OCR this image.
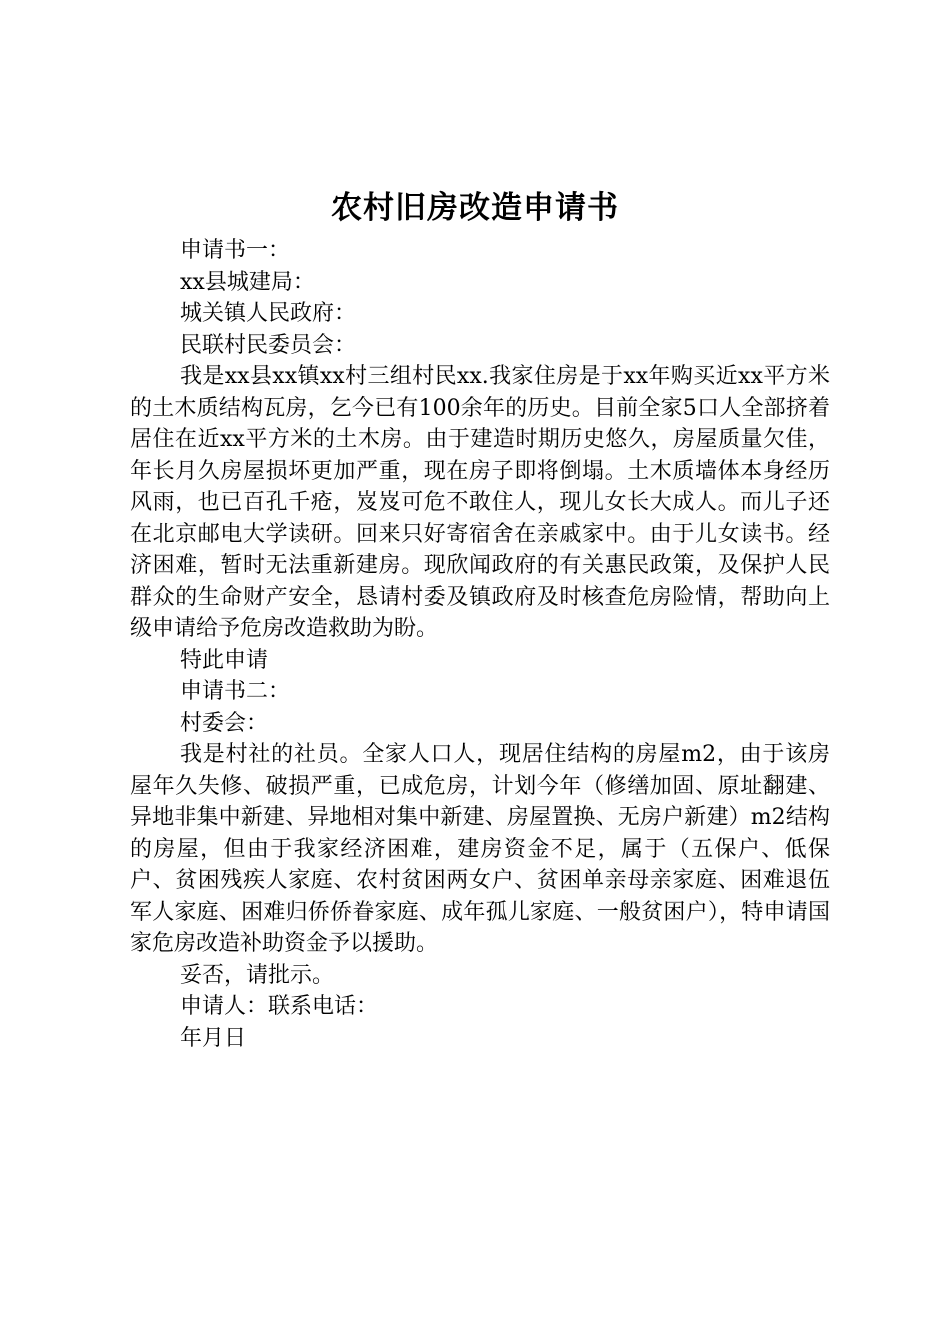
农村旧房改造申请书

申请书一：

xx县城建局：

城关镇人民政府：

民联村民委员会：

我是xx县xx镇xx村三组村民xx.我家住房是于xx年购买近xx平方米的土木质结构瓦房，乞今已有100余年的历史。目前全家5口人全部挤着居住在近xx平方米的土木房。由于建造时期历史悠久，房屋质量欠佳，年长月久房屋损坏更加严重，现在房子即将倒塌。土木质墙体本身经历风雨，也已百孔千疮，岌岌可危不敢住人，现儿女长大成人。而儿子还在北京邮电大学读研。回来只好寄宿舍在亲戚家中。由于儿女读书。经济困难，暂时无法重新建房。现欣闻政府的有关惠民政策，及保护人民群众的生命财产安全，恳请村委及镇政府及时核查危房险情，帮助向上级申请给予危房改造救助为盼。

特此申请

申请书二：

村委会：

我是村社的社员。全家人口人，现居住结构的房屋m2，由于该房屋年久失修、破损严重，已成危房，计划今年（修缮加固、原址翻建、异地非集中新建、异地相对集中新建、房屋置换、无房户新建）m2结构的房屋，但由于我家经济困难，建房资金不足，属于（五保户、低保户、贫困残疾人家庭、农村贫困两女户、贫困单亲母亲家庭、困难退伍军人家庭、困难归侨侨眷家庭、成年孤儿家庭、一般贫困户），特申请国家危房改造补助资金予以援助。

妥否，请批示。

申请人：联系电话：

年月日
